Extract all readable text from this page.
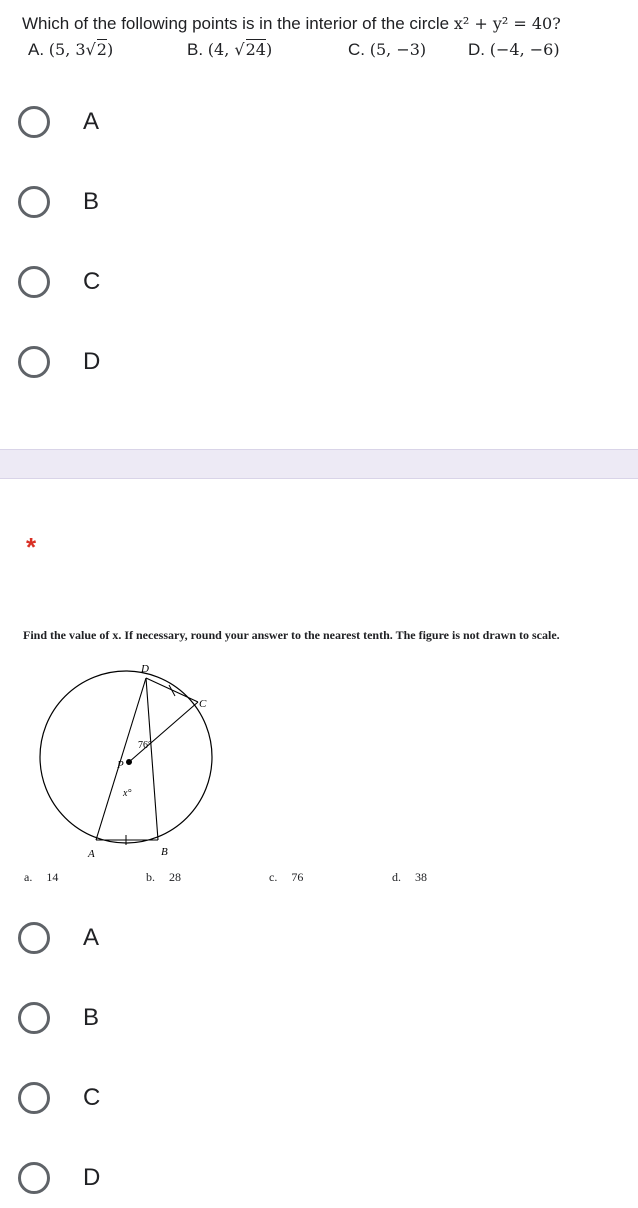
Which of the following points is in the interior of the circle x² + y² = 40?
A. (5, 3√2)	B. (4, √24)	C. (5, −3) D. (−4, −6)
A
B
C
D
*
Find the value of x. If necessary, round your answer to the nearest tenth. The figure is not drawn to scale.
D
C
P
A	B
76°
x°
a. 14	b. 28	c. 76	d. 38
A
B
C
D
